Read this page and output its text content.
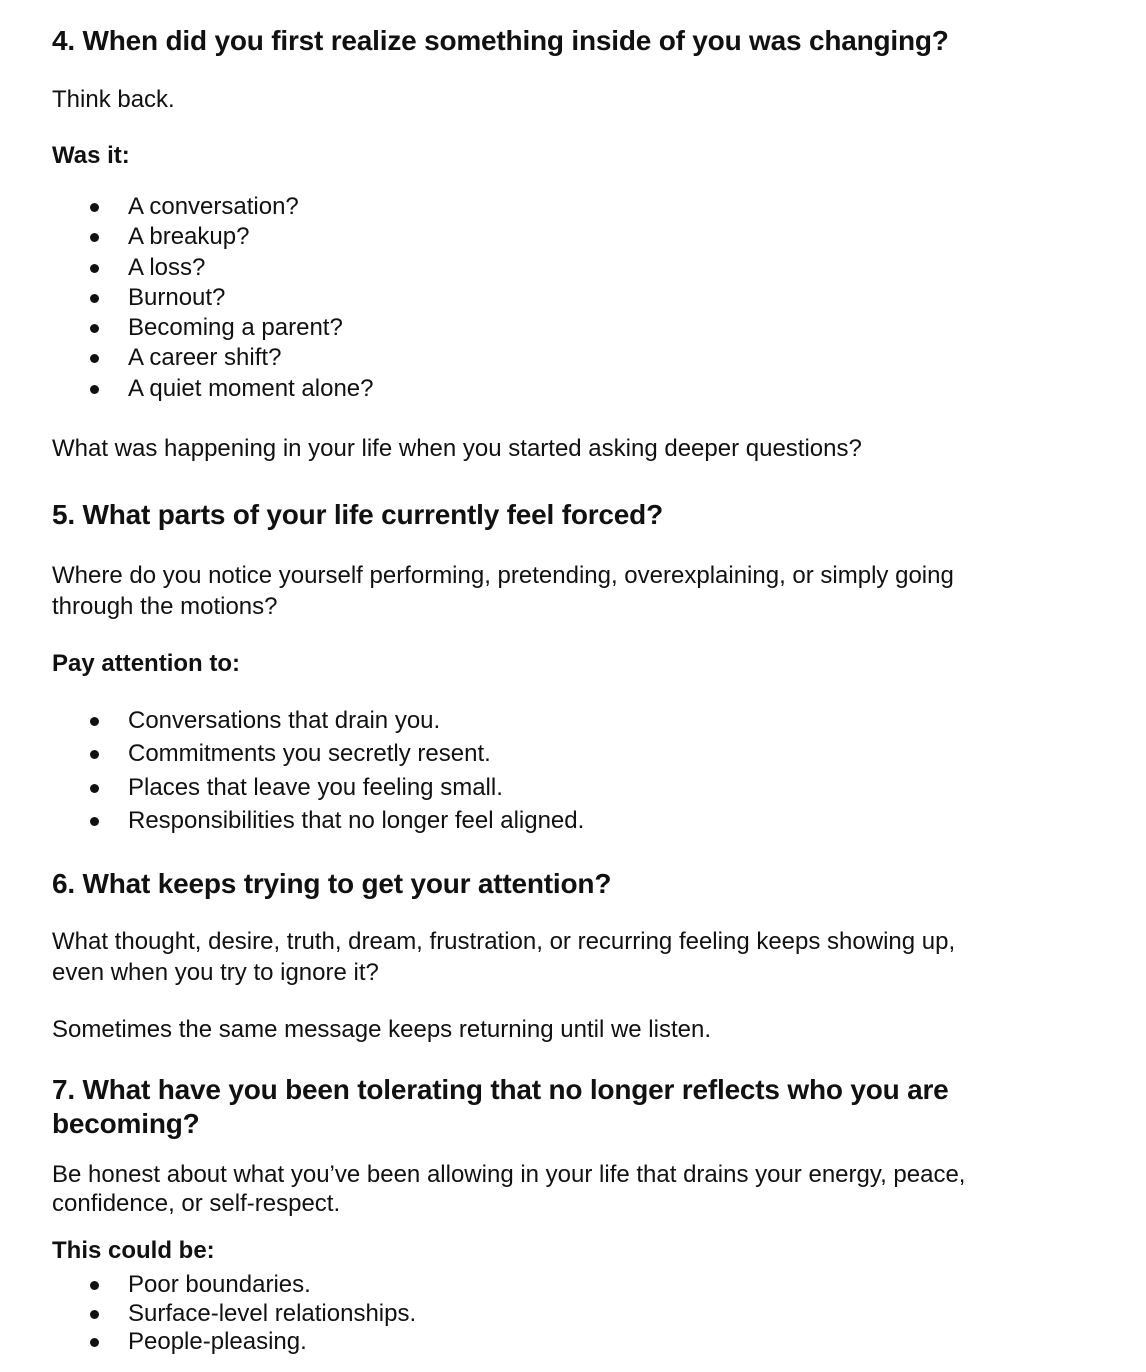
4. When did you first realize something inside of you was changing?

Think back.

Was it:

A conversation?
A breakup?
A loss?
Burnout?
Becoming a parent?
A career shift?
A quiet moment alone?

What was happening in your life when you started asking deeper questions?

5. What parts of your life currently feel forced?

Where do you notice yourself performing, pretending, overexplaining, or simply going

through the motions?

Pay attention to:

Conversations that drain you.
Commitments you secretly resent.
Places that leave you feeling small.
Responsibilities that no longer feel aligned.
6. What keeps trying to get your attention?

What thought, desire, truth, dream, frustration, or recurring feeling keeps showing up,

even when you try to ignore it?

Sometimes the same message keeps returning until we listen.

7. What have you been tolerating that no longer reflects who you are
becoming?

Be honest about what you’ve been allowing in your life that drains your energy, peace,

confidence, or self-respect.

This could be:

Poor boundaries.
Surface-level relationships.
People-pleasing.
